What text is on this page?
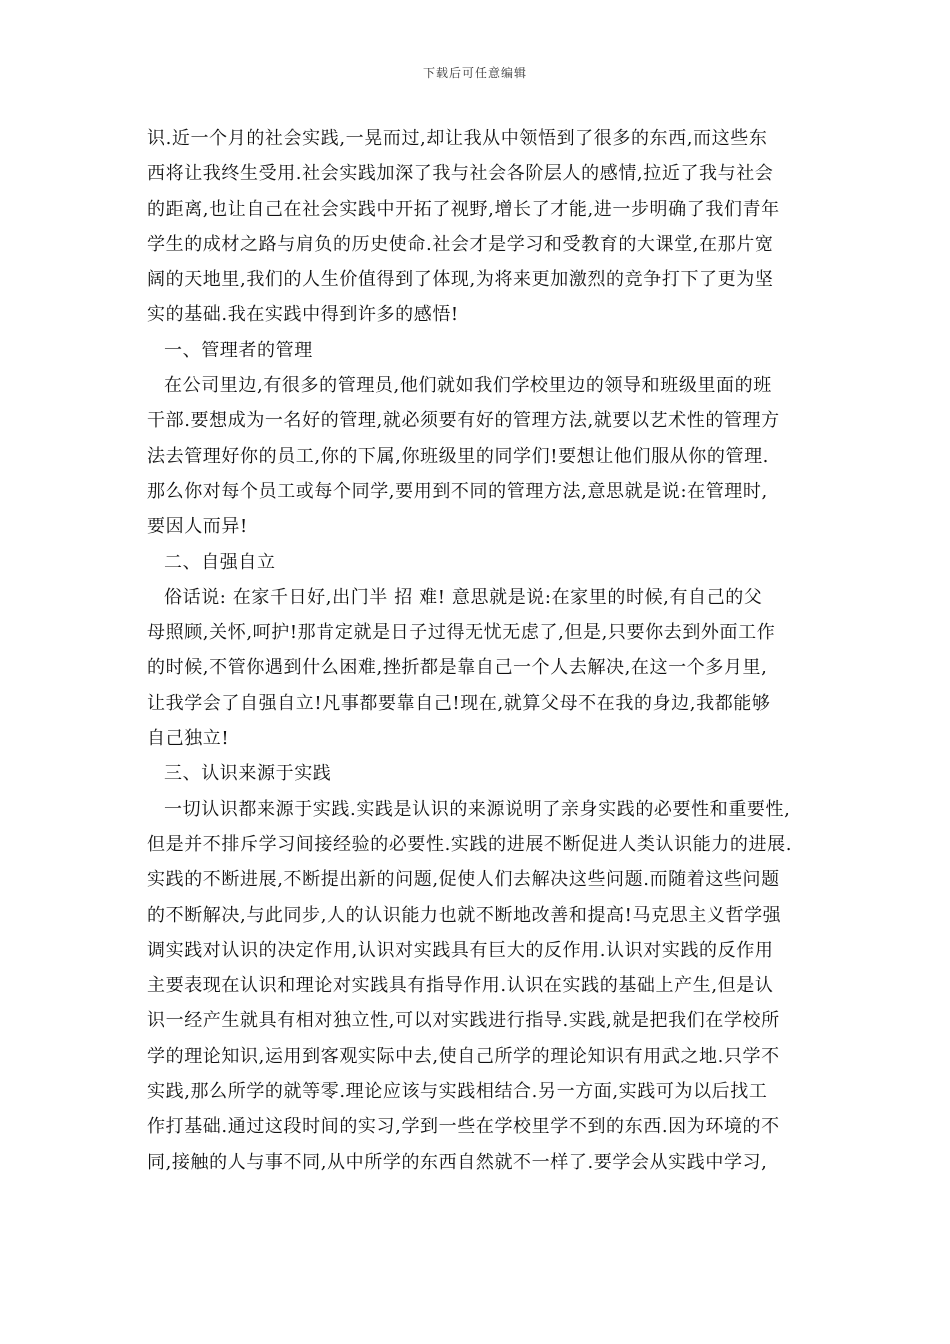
下载后可任意编辑
识.近一个月的社会实践,一晃而过,却让我从中领悟到了很多的东西,而这些东
西将让我终生受用.社会实践加深了我与社会各阶层人的感情,拉近了我与社会
的距离,也让自己在社会实践中开拓了视野,增长了才能,进一步明确了我们青年
学生的成材之路与肩负的历史使命.社会才是学习和受教育的大课堂,在那片宽
阔的天地里,我们的人生价值得到了体现,为将来更加激烈的竞争打下了更为坚
实的基础.我在实践中得到许多的感悟!
一、管理者的管理
在公司里边,有很多的管理员,他们就如我们学校里边的领导和班级里面的班
干部.要想成为一名好的管理,就必须要有好的管理方法,就要以艺术性的管理方
法去管理好你的员工,你的下属,你班级里的同学们!要想让他们服从你的管理.
那么你对每个员工或每个同学,要用到不同的管理方法,意思就是说:在管理时,
要因人而异!
二、自强自立
俗话说: 在家千日好,出门半 招 难! 意思就是说:在家里的时候,有自己的父
母照顾,关怀,呵护!那肯定就是日子过得无忧无虑了,但是,只要你去到外面工作
的时候,不管你遇到什么困难,挫折都是靠自己一个人去解决,在这一个多月里,
让我学会了自强自立!凡事都要靠自己!现在,就算父母不在我的身边,我都能够
自己独立!
三、认识来源于实践
一切认识都来源于实践.实践是认识的来源说明了亲身实践的必要性和重要性,
但是并不排斥学习间接经验的必要性.实践的进展不断促进人类认识能力的进展.
实践的不断进展,不断提出新的问题,促使人们去解决这些问题.而随着这些问题
的不断解决,与此同步,人的认识能力也就不断地改善和提高!马克思主义哲学强
调实践对认识的决定作用,认识对实践具有巨大的反作用.认识对实践的反作用
主要表现在认识和理论对实践具有指导作用.认识在实践的基础上产生,但是认
识一经产生就具有相对独立性,可以对实践进行指导.实践,就是把我们在学校所
学的理论知识,运用到客观实际中去,使自己所学的理论知识有用武之地.只学不
实践,那么所学的就等零.理论应该与实践相结合.另一方面,实践可为以后找工
作打基础.通过这段时间的实习,学到一些在学校里学不到的东西.因为环境的不
同,接触的人与事不同,从中所学的东西自然就不一样了.要学会从实践中学习,
